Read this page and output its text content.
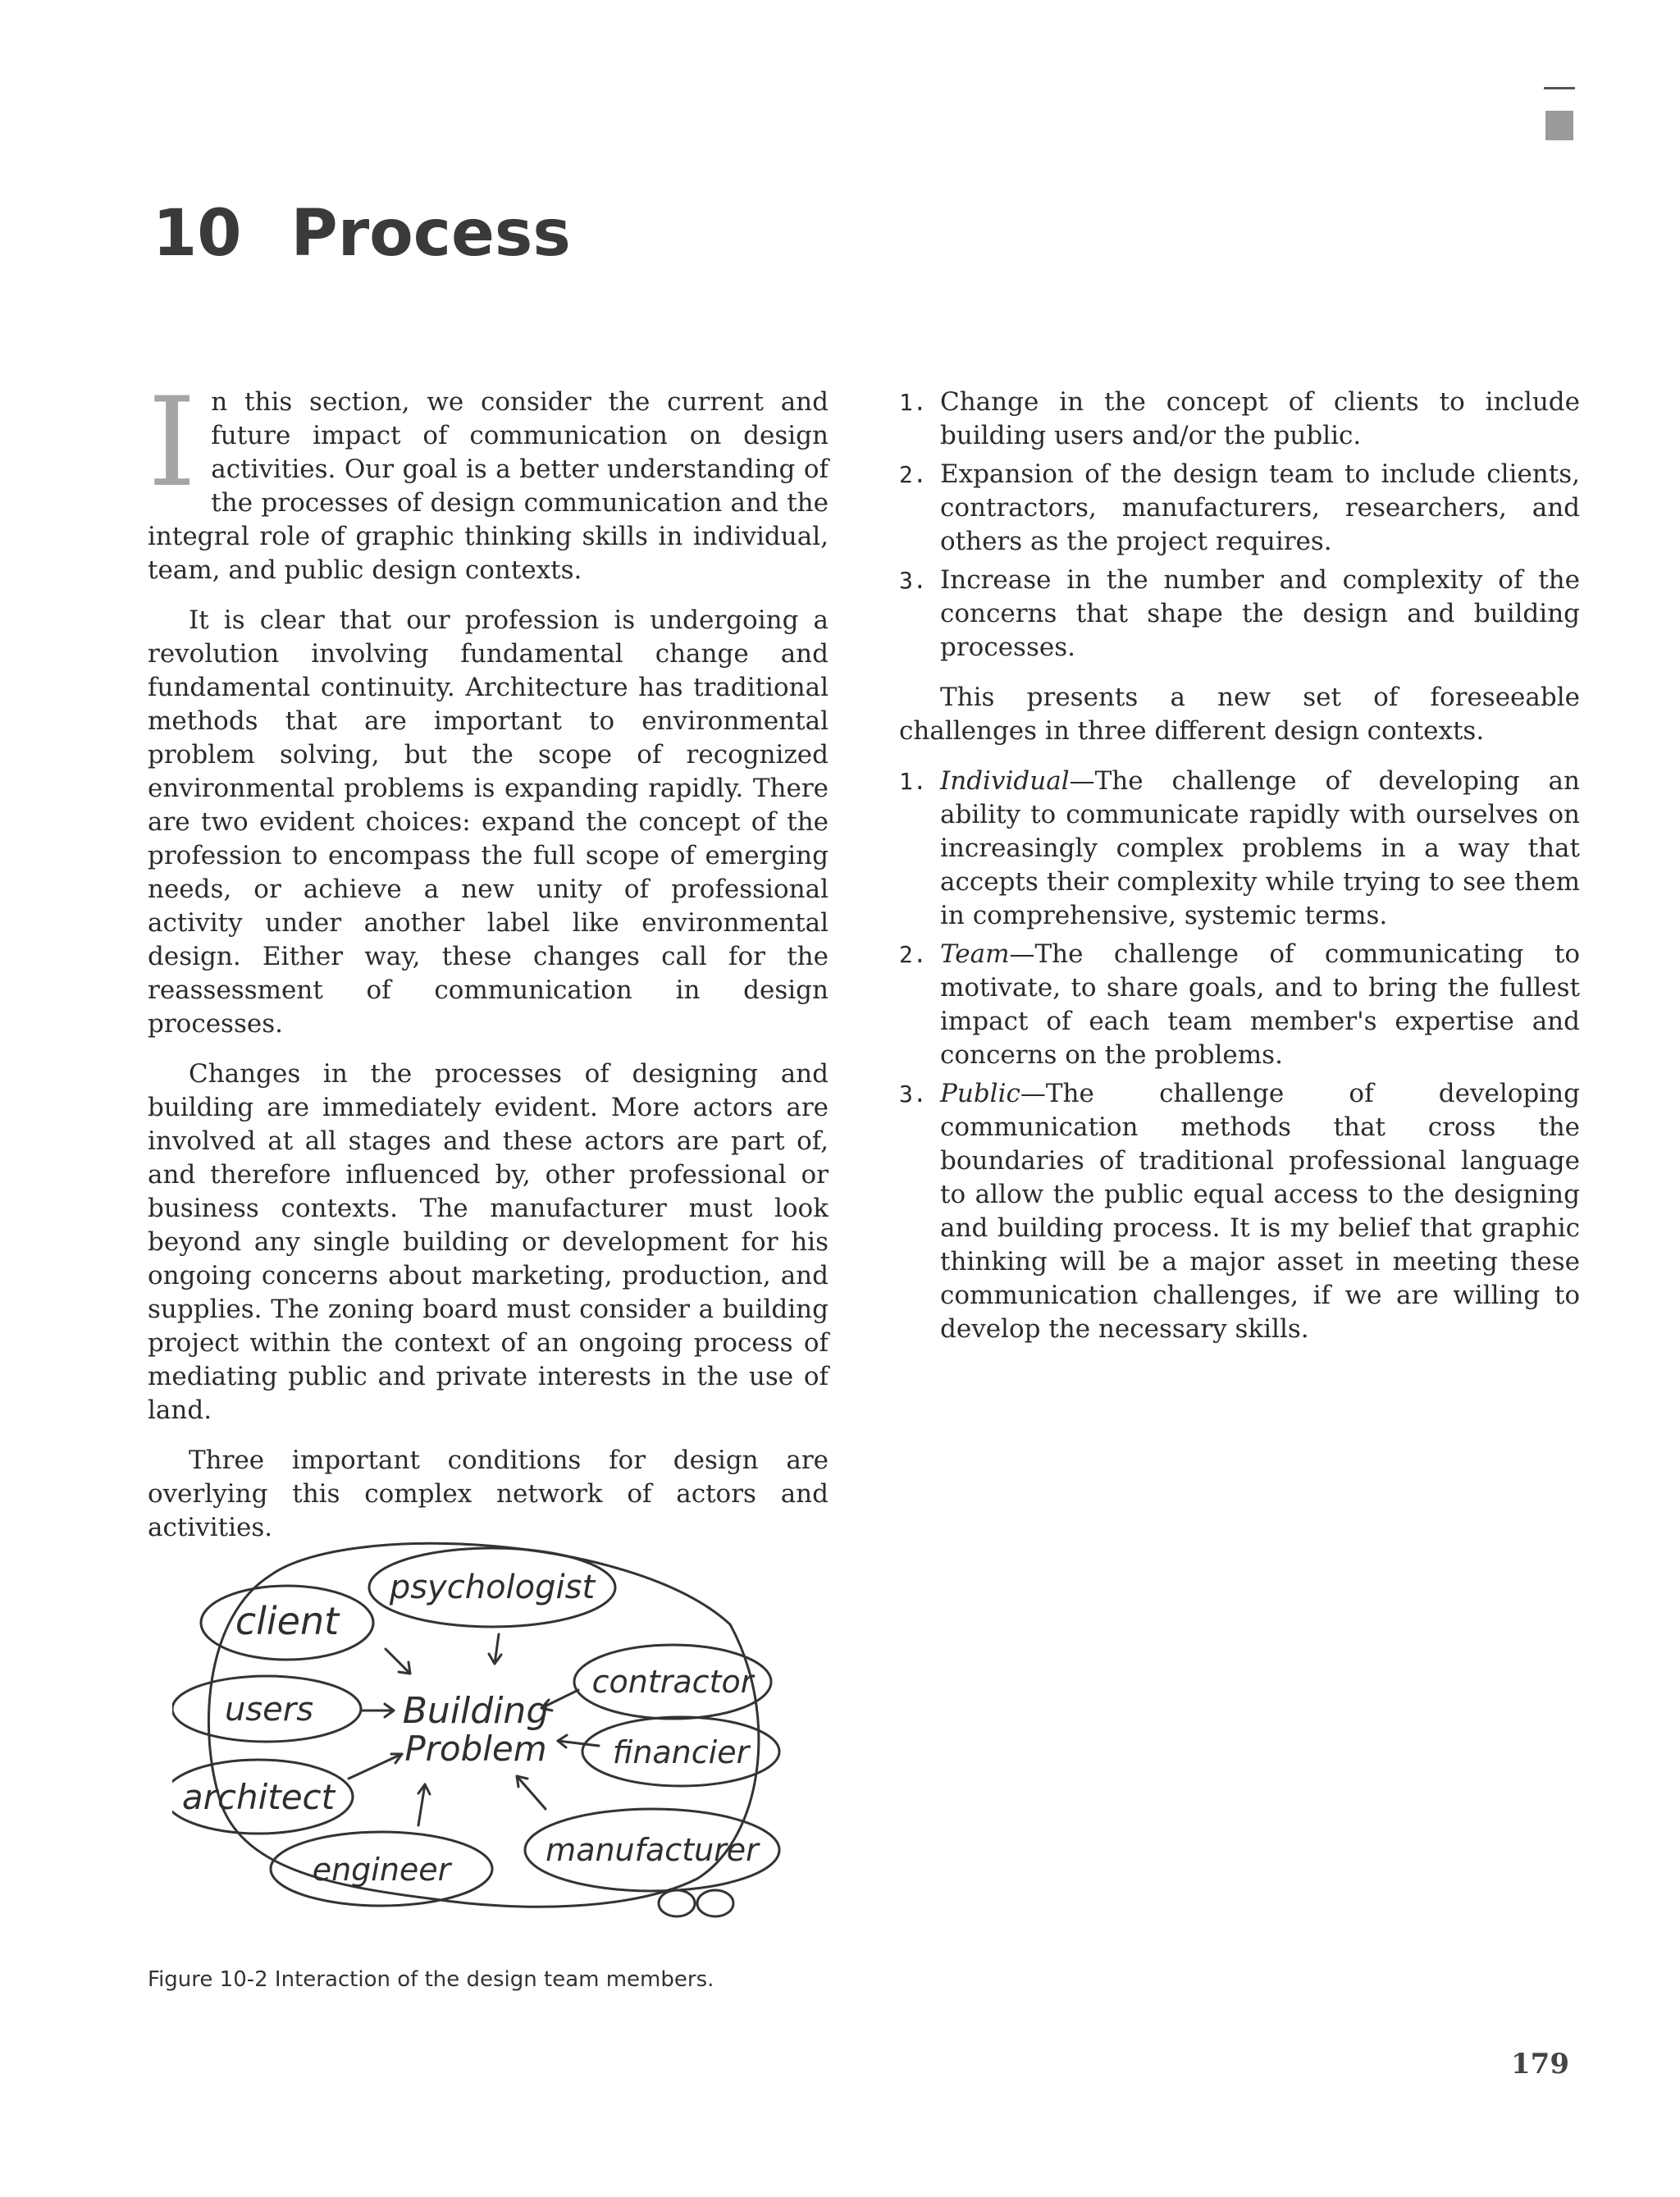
10 Process

In this section, we consider the current and future impact of communication on design activities. Our goal is a better understanding of the processes of design communication and the integral role of graphic thinking skills in individual, team, and public design contexts.

It is clear that our profession is undergoing a revolution involving fundamental change and fundamental continuity. Architecture has traditional methods that are important to environmental problem solving, but the scope of recognized environmental problems is expanding rapidly. There are two evident choices: expand the concept of the profession to encompass the full scope of emerging needs, or achieve a new unity of professional activity under another label like environmental design. Either way, these changes call for the reassessment of communication in design processes.

Changes in the processes of designing and building are immediately evident. More actors are involved at all stages and these actors are part of, and therefore influenced by, other professional or business contexts. The manufacturer must look beyond any single building or development for his ongoing concerns about marketing, production, and supplies. The zoning board must consider a building project within the context of an ongoing process of mediating public and private interests in the use of land.

Three important conditions for design are overlying this complex network of actors and activities.

1. Change in the concept of clients to include building users and/or the public.
2. Expansion of the design team to include clients, contractors, manufacturers, researchers, and others as the project requires.
3. Increase in the number and complexity of the concerns that shape the design and building processes.

This presents a new set of foreseeable challenges in three different design contexts.

1. Individual—The challenge of developing an ability to communicate rapidly with ourselves on increasingly complex problems in a way that accepts their complexity while trying to see them in comprehensive, systemic terms.
2. Team—The challenge of communicating to motivate, to share goals, and to bring the fullest impact of each team member's expertise and concerns on the problems.
3. Public—The challenge of developing communication methods that cross the boundaries of traditional professional language to allow the public equal access to the designing and building process. It is my belief that graphic thinking will be a major asset in meeting these communication challenges, if we are willing to develop the necessary skills.
client
psychologist
contractor
users Building
Problem financier
architect
engineer
manufacturer
Figure 10-2 Interaction of the design team members.
179
